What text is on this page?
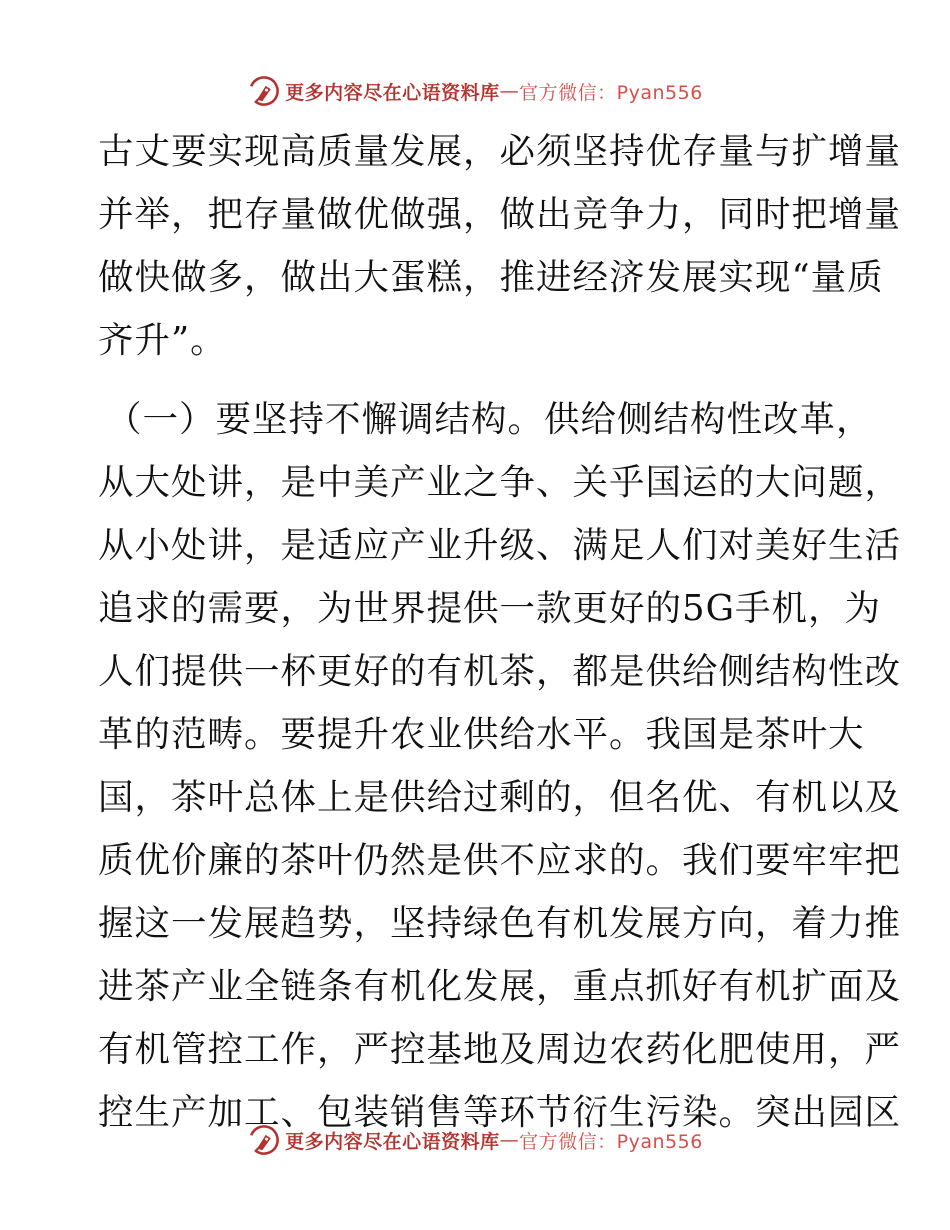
更多内容尽在心语资料库 — 官方微信：Pyan556
古丈要实现高质量发展，必须坚持优存量与扩增量
并举，把存量做优做强，做出竞争力，同时把增量
做快做多，做出大蛋糕，推进经济发展实现“量质
齐升”。
（一）要坚持不懈调结构。供给侧结构性改革，
从大处讲，是中美产业之争、关乎国运的大问题，
从小处讲，是适应产业升级、满足人们对美好生活
追求的需要，为世界提供一款更好的5G手机，为
人们提供一杯更好的有机茶，都是供给侧结构性改
革的范畴。要提升农业供给水平。我国是茶叶大
国，茶叶总体上是供给过剩的，但名优、有机以及
质优价廉的茶叶仍然是供不应求的。我们要牢牢把
握这一发展趋势，坚持绿色有机发展方向，着力推
进茶产业全链条有机化发展，重点抓好有机扩面及
有机管控工作，严控基地及周边农药化肥使用，严
控生产加工、包装销售等环节衍生污染。突出园区
更多内容尽在心语资料库 — 官方微信：Pyan556
